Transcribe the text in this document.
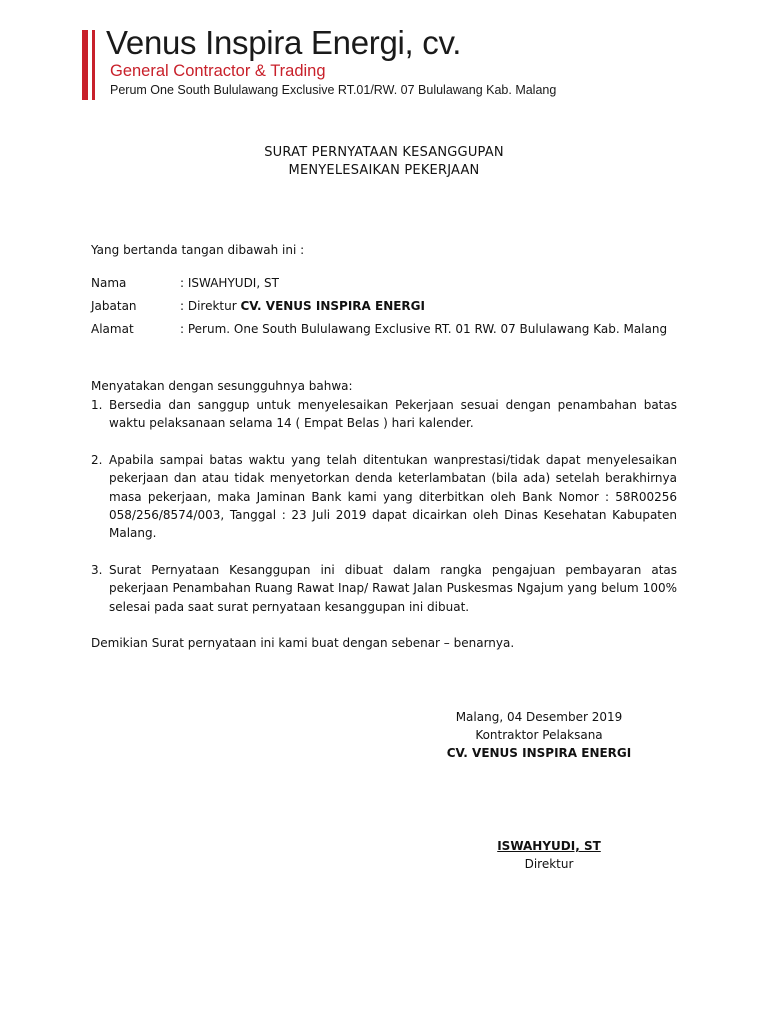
Venus Inspira Energi, cv.
General Contractor & Trading
Perum One South Bululawang Exclusive RT.01/RW. 07 Bululawang Kab. Malang
SURAT PERNYATAAN KESANGGUPAN
MENYELESAIKAN PEKERJAAN
Yang bertanda tangan dibawah ini :
Nama	: ISWAHYUDI, ST
Jabatan	: Direktur CV. VENUS INSPIRA ENERGI
Alamat	: Perum. One South Bululawang Exclusive RT. 01 RW. 07 Bululawang Kab. Malang
Menyatakan dengan sesungguhnya bahwa:
1. Bersedia dan sanggup untuk menyelesaikan Pekerjaan sesuai dengan penambahan batas waktu pelaksanaan selama 14 ( Empat Belas ) hari kalender.
2. Apabila sampai batas waktu yang telah ditentukan wanprestasi/tidak dapat menyelesaikan pekerjaan dan atau tidak menyetorkan denda keterlambatan (bila ada) setelah berakhirnya masa pekerjaan, maka Jaminan Bank kami yang diterbitkan oleh Bank Nomor : 58R00256 058/256/8574/003, Tanggal : 23 Juli 2019 dapat dicairkan oleh Dinas Kesehatan Kabupaten Malang.
3. Surat Pernyataan Kesanggupan ini dibuat dalam rangka pengajuan pembayaran atas pekerjaan Penambahan Ruang Rawat Inap/ Rawat Jalan Puskesmas Ngajum yang belum 100% selesai pada saat surat pernyataan kesanggupan ini dibuat.
Demikian Surat pernyataan ini kami buat dengan sebenar – benarnya.
Malang, 04 Desember 2019
Kontraktor Pelaksana
CV. VENUS INSPIRA ENERGI
ISWAHYUDI, ST
Direktur
